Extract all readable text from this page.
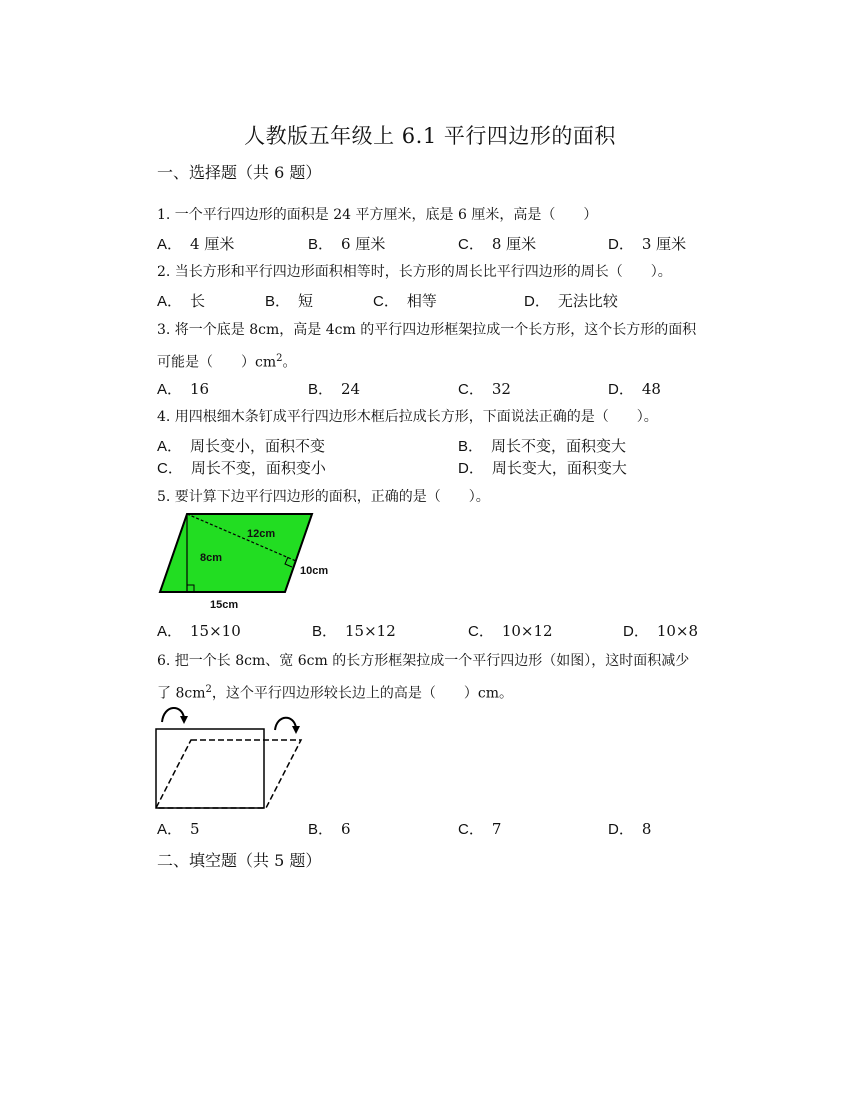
人教版五年级上 6.1 平行四边形的面积
一、选择题（共 6 题）
1. 一个平行四边形的面积是 24 平方厘米，底是 6 厘米，高是（　　）
A． 4 厘米	B． 6 厘米	C． 8 厘米	D． 3 厘米
2. 当长方形和平行四边形面积相等时，长方形的周长比平行四边形的周长（　　）。
A． 长	B． 短	C． 相等	D． 无法比较
3. 将一个底是 8cm，高是 4cm 的平行四边形框架拉成一个长方形，这个长方形的面积
可能是（　　）$cm^2$。
A． 16	B． 24	C． 32	D． 48
4. 用四根细木条钉成平行四边形木框后拉成长方形，下面说法正确的是（　　）。
A． 周长变小，面积不变	B． 周长不变，面积变大
C． 周长不变，面积变小	D． 周长变大，面积变大
5. 要计算下边平行四边形的面积，正确的是（　　）。
12cm
8cm
10cm
15cm
A． 15×10	B． 15×12	C． 10×12	D． 10×8
6. 把一个长 8cm、宽 6cm 的长方形框架拉成一个平行四边形（如图），这时面积减少
了 $8cm^2$，这个平行四边形较长边上的高是（　　）cm。
A． 5	B． 6	C． 7	D． 8
二、填空题（共 5 题）
